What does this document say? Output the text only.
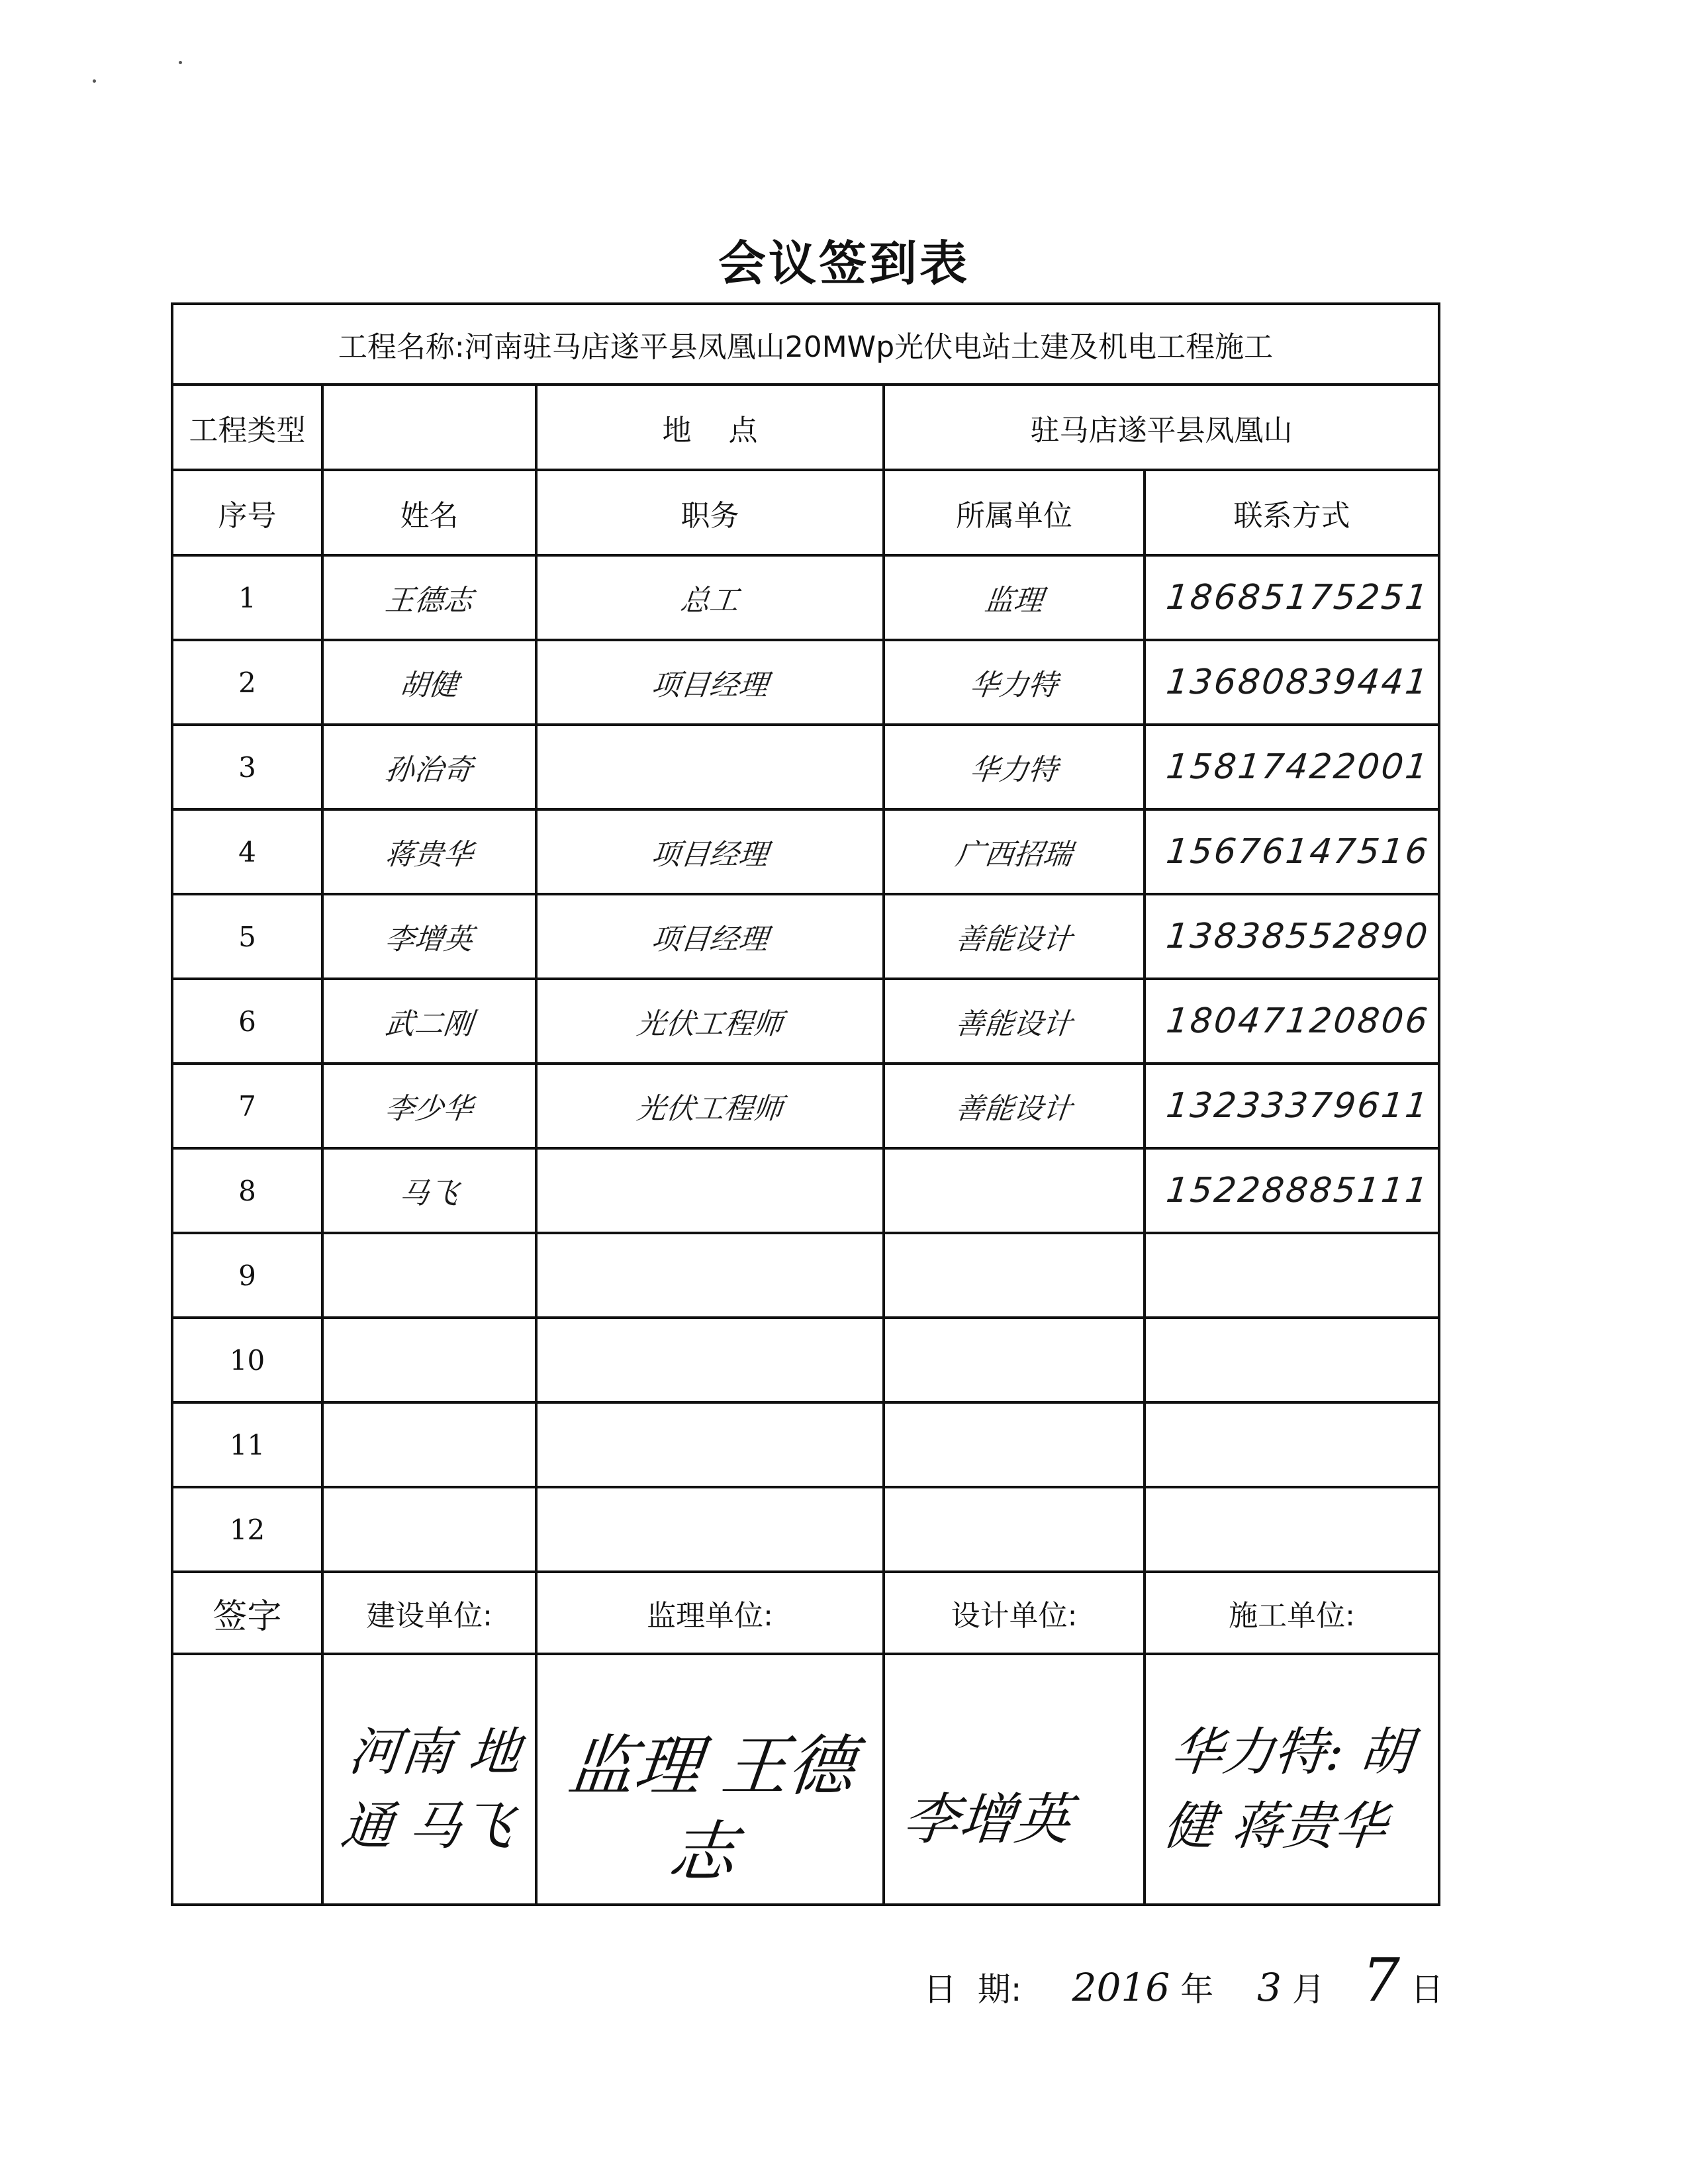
会议签到表
工程名称:河南驻马店遂平县凤凰山20MWp光伏电站土建及机电工程施工				
工程类型		地    点	驻马店遂平县凤凰山	
序号	姓名	职务	所属单位	联系方式
1	王德志	总工	监理	18685175251
2	胡健	项目经理	华力特	13680839441
3	孙治奇		华力特	15817422001
4	蒋贵华	项目经理	广西招瑞	15676147516
5	李增英	项目经理	善能设计	13838552890
6	武二刚	光伏工程师	善能设计	18047120806
7	李少华	光伏工程师	善能设计	13233379611
8	马飞			15228885111
9				
10				
11				
12				
签字	建设单位:	监理单位:	设计单位:	施工单位:

	河南 地通 马飞	监理 王德志	李增英	华力特: 胡健 蒋贵华
日  期: 2016 年 3 月 7 日
